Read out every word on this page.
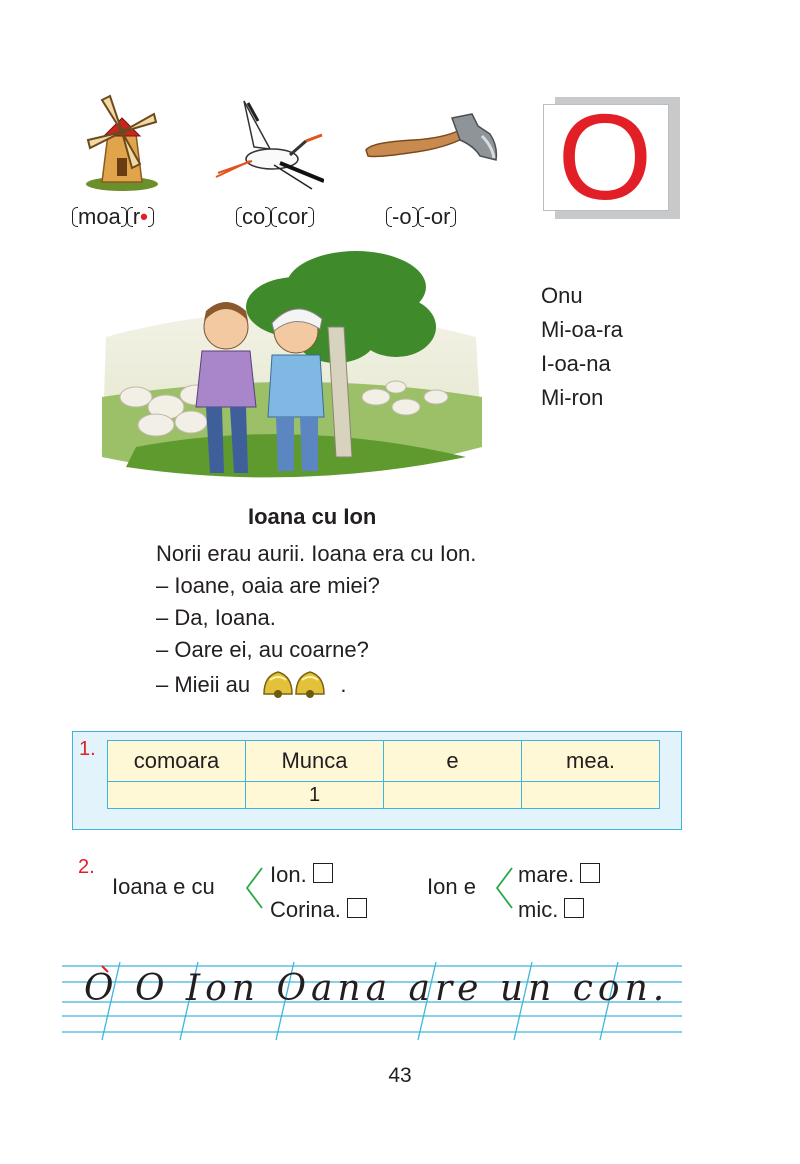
moa r•	co cor	-o -or O
Onu
Mi-oa-ra
I-oa-na
Mi-ron
Ioana cu Ion
Norii erau aurii. Ioana era cu Ion.
– Ioane, oaia are miei?
– Da, Ioana.
– Oare ei, au coarne?
– Mieii au	.
1. comoara	Munca	e	mea.
	1		
2.
Ioana e cu	Ion.
Corina.
Ion e mare.
mic.
O O Ion Oana are un con.
43
